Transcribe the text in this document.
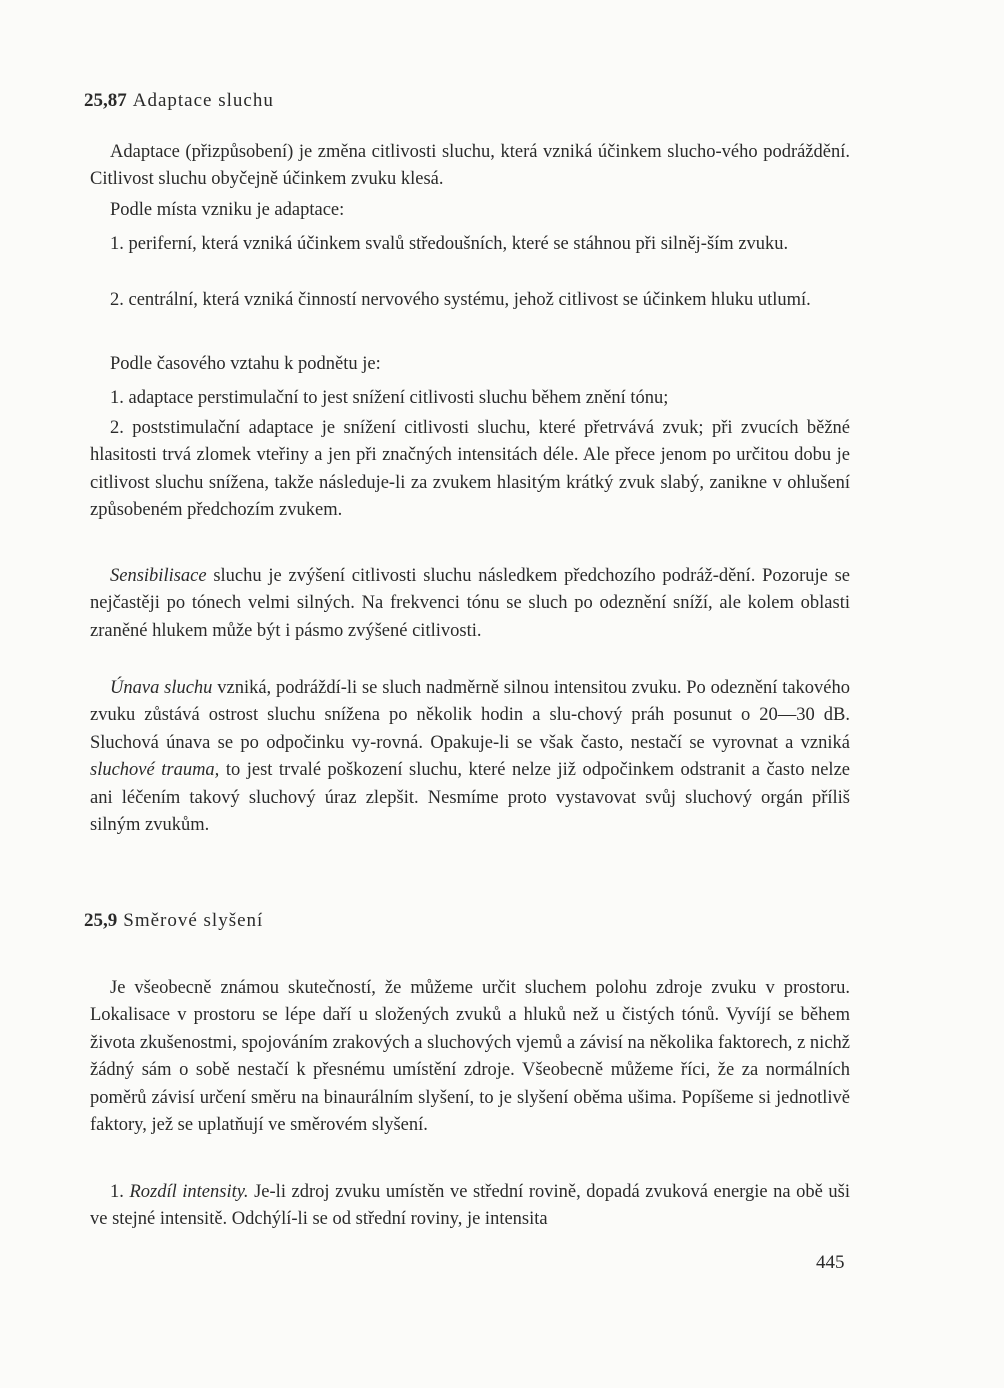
25,87 Adaptace sluchu

Adaptace (přizpůsobení) je změna citlivosti sluchu, která vzniká účinkem slucho-vého podráždění. Citlivost sluchu obyčejně účinkem zvuku klesá.

Podle místa vzniku je adaptace:

1. periferní, která vzniká účinkem svalů středoušních, které se stáhnou při silněj-ším zvuku.

2. centrální, která vzniká činností nervového systému, jehož citlivost se účinkem hluku utlumí.

Podle časového vztahu k podnětu je:

1. adaptace perstimulační to jest snížení citlivosti sluchu během znění tónu;

2. poststimulační adaptace je snížení citlivosti sluchu, které přetrvává zvuk; při zvucích běžné hlasitosti trvá zlomek vteřiny a jen při značných intensitách déle. Ale přece jenom po určitou dobu je citlivost sluchu snížena, takže následuje-li za zvukem hlasitým krátký zvuk slabý, zanikne v ohlušení způsobeném předchozím zvukem.

Sensibilisace sluchu je zvýšení citlivosti sluchu následkem předchozího podráž-dění. Pozoruje se nejčastěji po tónech velmi silných. Na frekvenci tónu se sluch po odeznění sníží, ale kolem oblasti zraněné hlukem může být i pásmo zvýšené citlivosti.

Únava sluchu vzniká, podráždí-li se sluch nadměrně silnou intensitou zvuku. Po odeznění takového zvuku zůstává ostrost sluchu snížena po několik hodin a slu-chový práh posunut o 20—30 dB. Sluchová únava se po odpočinku vy-rovná. Opakuje-li se však často, nestačí se vyrovnat a vzniká sluchové trauma, to jest trvalé poškození sluchu, které nelze již odpočinkem odstranit a často nelze ani léčením takový sluchový úraz zlepšit. Nesmíme proto vystavovat svůj sluchový orgán příliš silným zvukům.

25,9 Směrové slyšení

Je všeobecně známou skutečností, že můžeme určit sluchem polohu zdroje zvuku v prostoru. Lokalisace v prostoru se lépe daří u složených zvuků a hluků než u čistých tónů. Vyvíjí se během života zkušenostmi, spojováním zrakových a sluchových vjemů a závisí na několika faktorech, z nichž žádný sám o sobě nestačí k přesnému umístění zdroje. Všeobecně můžeme říci, že za normálních poměrů závisí určení směru na binaurálním slyšení, to je slyšení oběma ušima. Popíšeme si jednotlivě faktory, jež se uplatňují ve směrovém slyšení.

1. Rozdíl intensity. Je-li zdroj zvuku umístěn ve střední rovině, dopadá zvuková energie na obě uši ve stejné intensitě. Odchýlí-li se od střední roviny, je intensita

445
